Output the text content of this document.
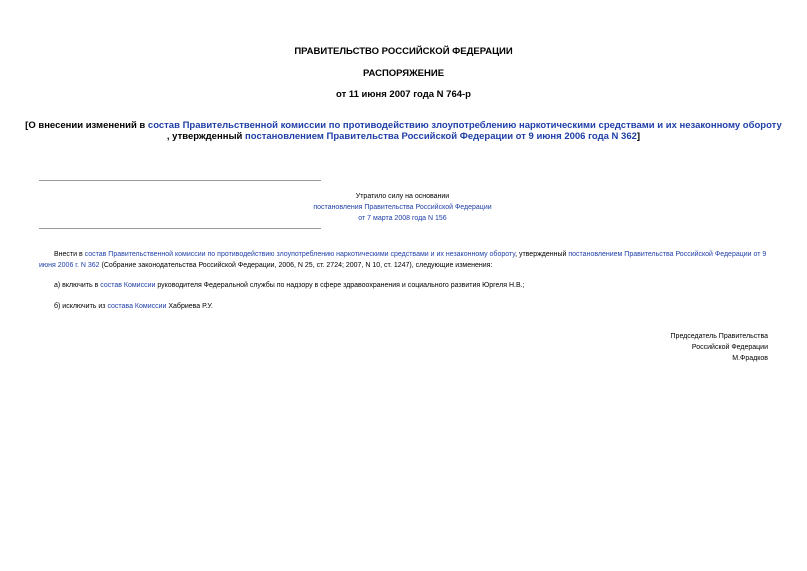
ПРАВИТЕЛЬСТВО РОССИЙСКОЙ ФЕДЕРАЦИИ
РАСПОРЯЖЕНИЕ
от 11 июня 2007 года N 764-р
[О внесении изменений в состав Правительственной комиссии по противодействию злоупотреблению наркотическими средствами и их незаконному обороту
, утвержденный постановлением Правительства Российской Федерации от 9 июня 2006 года N 362]
Утратило силу на основании
постановления Правительства Российской Федерации
от 7 марта 2008 года N 156
Внести в состав Правительственной комиссии по противодействию злоупотреблению наркотическими средствами и их незаконному обороту, утвержденный постановлением Правительства Российской Федерации от 9 июня 2006 г. N 362 (Собрание законодательства Российской Федерации, 2006, N 25, ст. 2724; 2007, N 10, ст. 1247), следующие изменения:
а) включить в состав Комиссии руководителя Федеральной службы по надзору в сфере здравоохранения и социального развития Юргеля Н.В.;
б) исключить из состава Комиссии Хабриева Р.У.
Председатель Правительства
Российской Федерации
М.Фрадков
